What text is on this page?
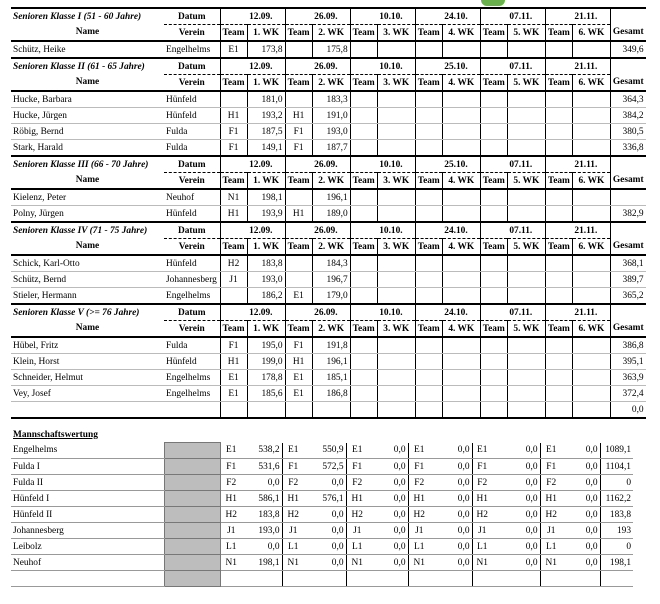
Senioren Klasse I (51 - 60 Jahre)	Datum		12.09.		26.09.		10.10.		24.10.		07.11.		21.11.	
Name	Verein	Team	1. WK	Team	2. WK	Team	3. WK	Team	4. WK	Team	5. WK	Team	6. WK	Gesamt
Schütz, Heike	Engelhelms	E1	173,8		175,8									349,6
Senioren Klasse II (61 - 65 Jahre)	Datum		12.09.		26.09.		10.10.		25.10.		07.11.		21.11.	
Name	Verein	Team	1. WK	Team	2. WK	Team	3. WK	Team	4. WK	Team	5. WK	Team	6. WK	Gesamt
Hucke, Barbara	Hünfeld		181,0		183,3									364,3
Hucke, Jürgen	Hünfeld	H1	193,2	H1	191,0									384,2
Röbig, Bernd	Fulda	F1	187,5	F1	193,0									380,5
Stark, Harald	Fulda	F1	149,1	F1	187,7									336,8
Senioren Klasse III (66 - 70 Jahre)	Datum		12.09.		26.09.		10.10.		25.10.		07.11.		21.11.	
Name	Verein	Team	1. WK	Team	2. WK	Team	3. WK	Team	4. WK	Team	5. WK	Team	6. WK	Gesamt
Kielenz, Peter	Neuhof	N1	198,1		196,1									
Polny, Jürgen	Hünfeld	H1	193,9	H1	189,0									382,9
Senioren Klasse IV (71 - 75 Jahre)	Datum		12.09.		26.09.		10.10.		24.10.		07.11.		21.11.	
Name	Verein	Team	1. WK	Team	2. WK	Team	3. WK	Team	4. WK	Team	5. WK	Team	6. WK	Gesamt
Schick, Karl-Otto	Hünfeld	H2	183,8		184,3									368,1
Schütz, Bernd	Johannesberg	J1	193,0		196,7									389,7
Stieler, Hermann	Engelhelms		186,2	E1	179,0									365,2
Senioren Klasse V (>= 76 Jahre)	Datum		12.09.		26.09.		10.10.		24.10.		07.11.		21.11.	
Name	Verein	Team	1. WK	Team	2. WK	Team	3. WK	Team	4. WK	Team	5. WK	Team	6. WK	Gesamt
Hübel, Fritz	Fulda	F1	195,0	F1	191,8									386,8
Klein, Horst	Hünfeld	H1	199,0	H1	196,1									395,1
Schneider, Helmut	Engelhelms	E1	178,8	E1	185,1									363,9
Vey, Josef	Engelhelms	E1	185,6	E1	186,8									372,4
														0,0
Mannschaftswertung														
Engelhelms		E1	538,2	E1	550,9	E1	0,0	E1	0,0	E1	0,0	E1	0,0	1089,1
Fulda I		F1	531,6	F1	572,5	F1	0,0	F1	0,0	F1	0,0	F1	0,0	1104,1
Fulda II		F2	0,0	F2	0,0	F2	0,0	F2	0,0	F2	0,0	F2	0,0	0
Hünfeld I		H1	586,1	H1	576,1	H1	0,0	H1	0,0	H1	0,0	H1	0,0	1162,2
Hünfeld II		H2	183,8	H2	0,0	H2	0,0	H2	0,0	H2	0,0	H2	0,0	183,8
Johannesberg		J1	193,0	J1	0,0	J1	0,0	J1	0,0	J1	0,0	J1	0,0	193
Leibolz		L1	0,0	L1	0,0	L1	0,0	L1	0,0	L1	0,0	L1	0,0	0
Neuhof		N1	198,1	N1	0,0	N1	0,0	N1	0,0	N1	0,0	N1	0,0	198,1
